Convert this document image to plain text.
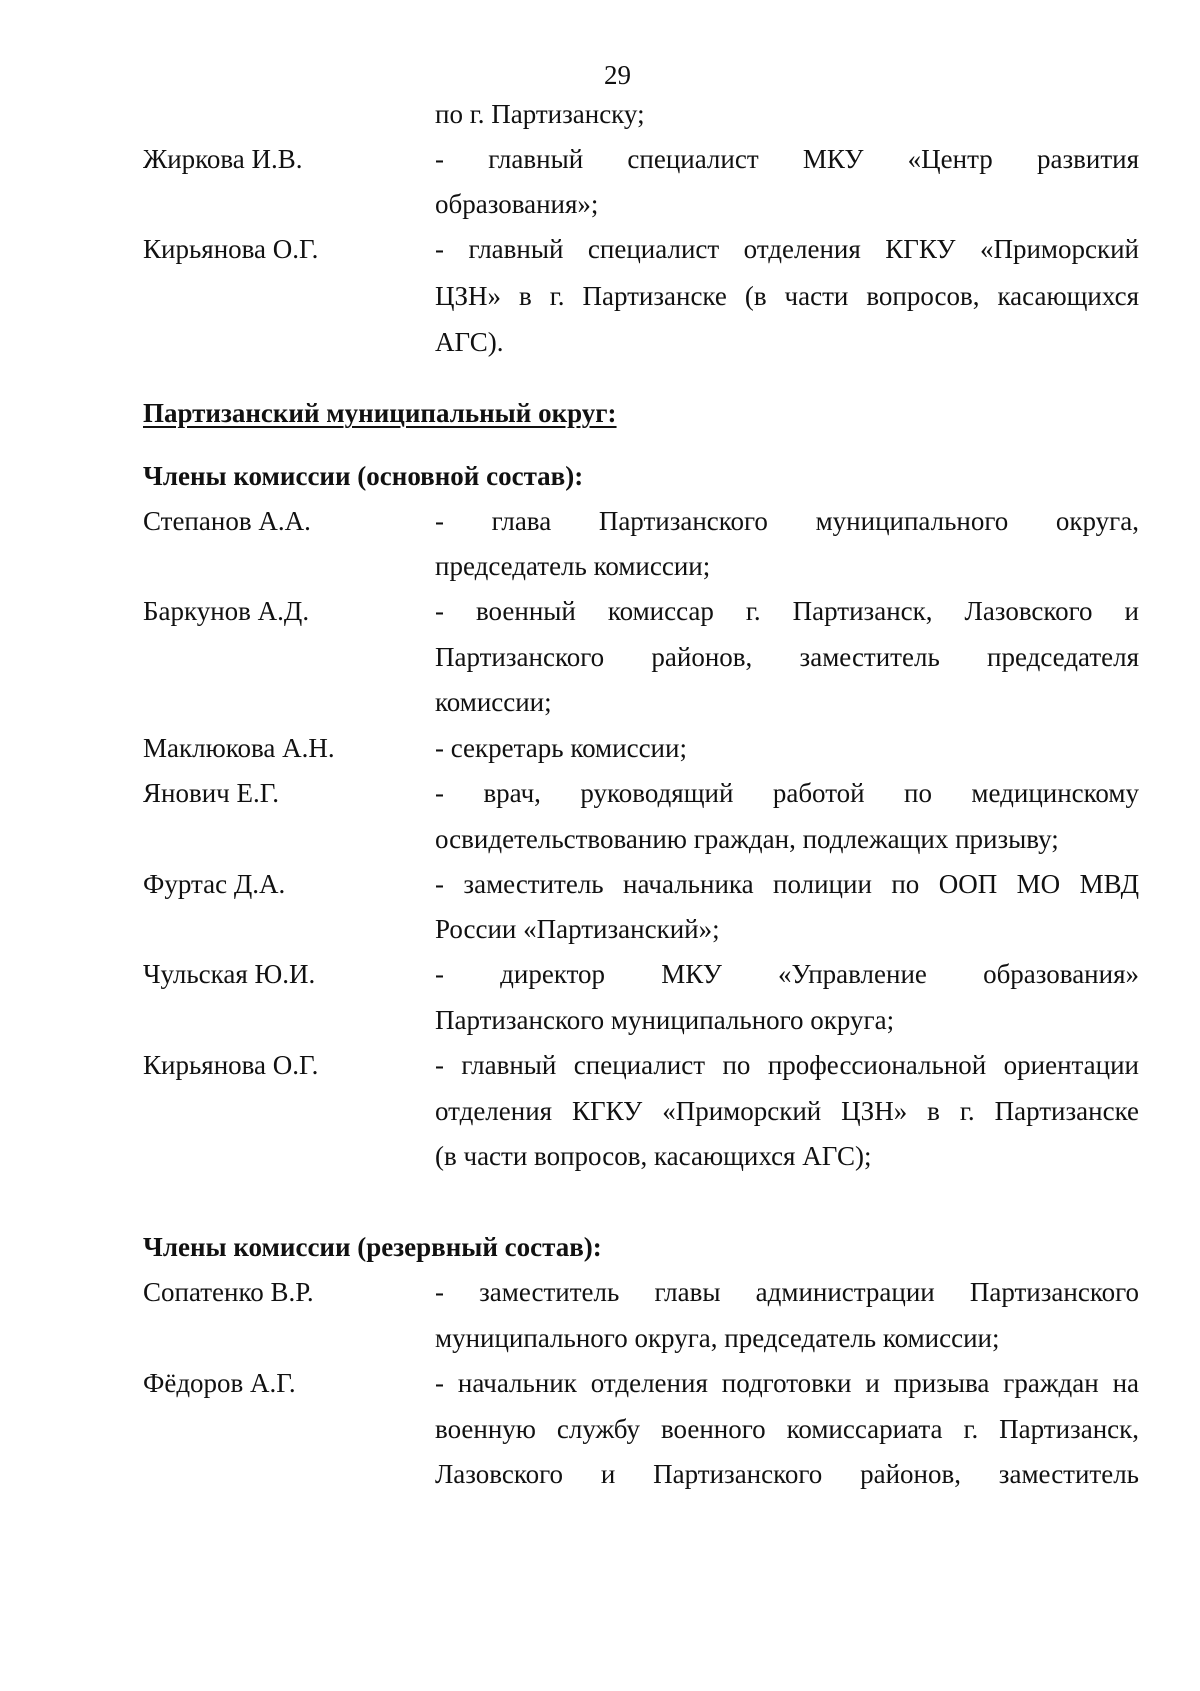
29
по г. Партизанску;
Жиркова И.В.	- главный специалист МКУ «Центр развития
образования»;
Кирьянова О.Г.	- главный специалист отделения КГКУ «Приморский
ЦЗН» в г. Партизанске (в части вопросов, касающихся
АГС).
Партизанский муниципальный округ:
Члены комиссии (основной состав):
Степанов А.А.	- глава Партизанского муниципального округа,
председатель комиссии;
Баркунов А.Д.	- военный комиссар г. Партизанск, Лазовского и
Партизанского районов, заместитель председателя
комиссии;
Маклюкова А.Н.	- секретарь комиссии;
Янович Е.Г.	- врач, руководящий работой по медицинскому
освидетельствованию граждан, подлежащих призыву;
Фуртас Д.А.	- заместитель начальника полиции по ООП МО МВД
России «Партизанский»;
Чульская Ю.И.	- директор МКУ «Управление образования»
Партизанского муниципального округа;
Кирьянова О.Г.	- главный специалист по профессиональной ориентации
отделения КГКУ «Приморский ЦЗН» в г. Партизанске
(в части вопросов, касающихся АГС);
Члены комиссии (резервный состав):
Сопатенко В.Р.	- заместитель главы администрации Партизанского
муниципального округа, председатель комиссии;
Фёдоров А.Г.	- начальник отделения подготовки и призыва граждан на
военную службу военного комиссариата г. Партизанск,
Лазовского и Партизанского районов, заместитель
